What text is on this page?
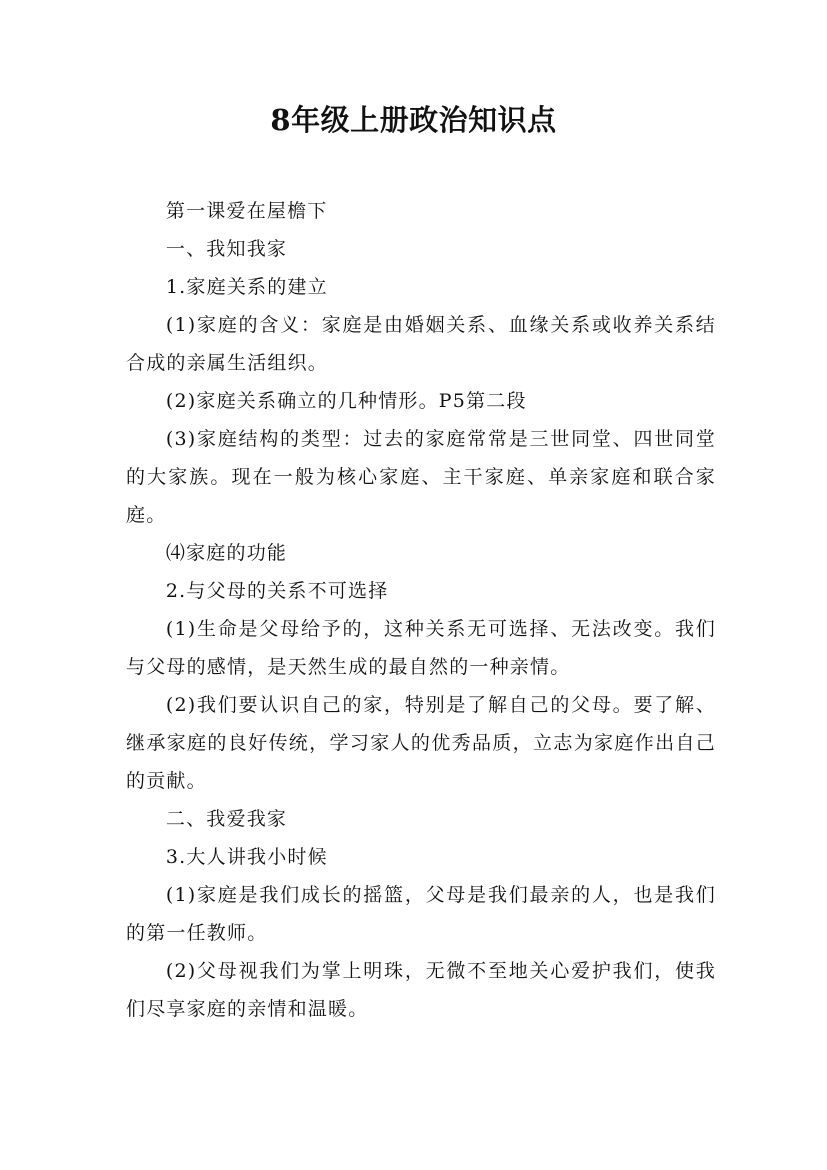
8年级上册政治知识点

第一课爱在屋檐下

一、我知我家

1.家庭关系的建立

(1)家庭的含义：家庭是由婚姻关系、血缘关系或收养关系结合成的亲属生活组织。

(2)家庭关系确立的几种情形。P5第二段

(3)家庭结构的类型：过去的家庭常常是三世同堂、四世同堂的大家族。现在一般为核心家庭、主干家庭、单亲家庭和联合家庭。

⑷家庭的功能

2.与父母的关系不可选择

(1)生命是父母给予的，这种关系无可选择、无法改变。我们与父母的感情，是天然生成的最自然的一种亲情。

(2)我们要认识自己的家，特别是了解自己的父母。要了解、继承家庭的良好传统，学习家人的优秀品质，立志为家庭作出自己的贡献。

二、我爱我家

3.大人讲我小时候

(1)家庭是我们成长的摇篮，父母是我们最亲的人，也是我们的第一任教师。

(2)父母视我们为掌上明珠，无微不至地关心爱护我们，使我们尽享家庭的亲情和温暖。
